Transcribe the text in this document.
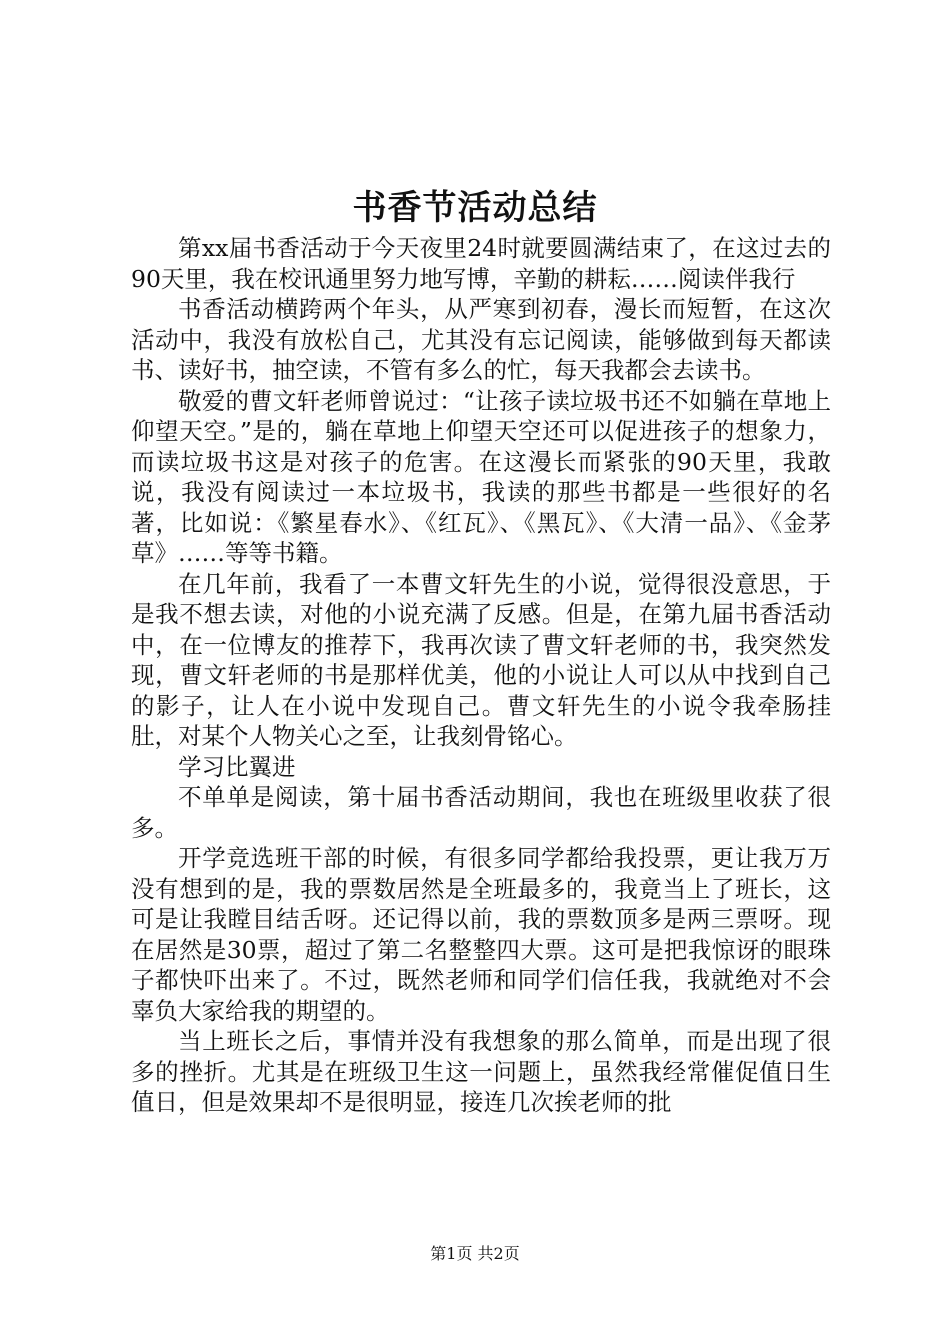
书香节活动总结

第xx届书香活动于今天夜里24时就要圆满结束了，在这过去的90天里，我在校讯通里努力地写博，辛勤的耕耘……阅读伴我行

书香活动横跨两个年头，从严寒到初春，漫长而短暂，在这次活动中，我没有放松自己，尤其没有忘记阅读，能够做到每天都读书、读好书，抽空读，不管有多么的忙，每天我都会去读书。

敬爱的曹文轩老师曾说过：“让孩子读垃圾书还不如躺在草地上仰望天空。”是的，躺在草地上仰望天空还可以促进孩子的想象力，而读垃圾书这是对孩子的危害。在这漫长而紧张的90天里，我敢说，我没有阅读过一本垃圾书，我读的那些书都是一些很好的名著，比如说：《繁星春水》、《红瓦》、《黑瓦》、《大清一品》、《金茅草》……等等书籍。

在几年前，我看了一本曹文轩先生的小说，觉得很没意思，于是我不想去读，对他的小说充满了反感。但是，在第九届书香活动中，在一位博友的推荐下，我再次读了曹文轩老师的书，我突然发现，曹文轩老师的书是那样优美，他的小说让人可以从中找到自己的影子，让人在小说中发现自己。曹文轩先生的小说令我牵肠挂肚，对某个人物关心之至，让我刻骨铭心。

学习比翼进

不单单是阅读，第十届书香活动期间，我也在班级里收获了很多。

开学竞选班干部的时候，有很多同学都给我投票，更让我万万没有想到的是，我的票数居然是全班最多的，我竟当上了班长，这可是让我瞠目结舌呀。还记得以前，我的票数顶多是两三票呀。现在居然是30票，超过了第二名整整四大票。这可是把我惊讶的眼珠子都快吓出来了。不过，既然老师和同学们信任我，我就绝对不会辜负大家给我的期望的。

当上班长之后，事情并没有我想象的那么简单，而是出现了很多的挫折。尤其是在班级卫生这一问题上，虽然我经常催促值日生值日，但是效果却不是很明显，接连几次挨老师的批

第1页 共2页
